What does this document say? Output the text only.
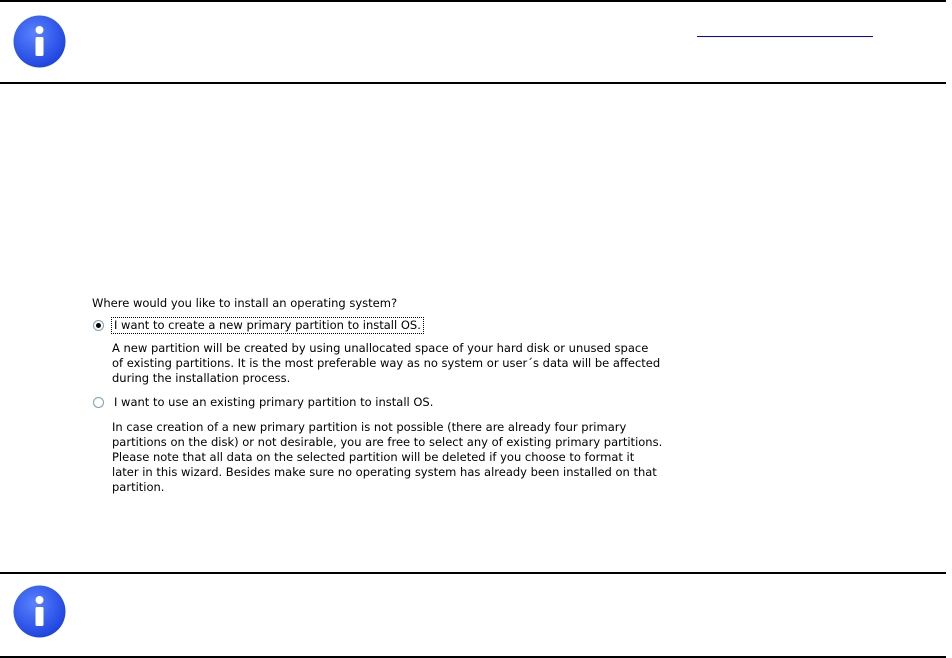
Where would you like to install an operating system?

I want to create a new primary partition to install OS.
A new partition will be created by using unallocated space of your hard disk or unused space
of existing partitions. It is the most preferable way as no system or user´s data will be affected
during the installation process.
I want to use an existing primary partition to install OS.
In case creation of a new primary partition is not possible (there are already four primary
partitions on the disk) or not desirable, you are free to select any of existing primary partitions.
Please note that all data on the selected partition will be deleted if you choose to format it
later in this wizard. Besides make sure no operating system has already been installed on that
partition.
